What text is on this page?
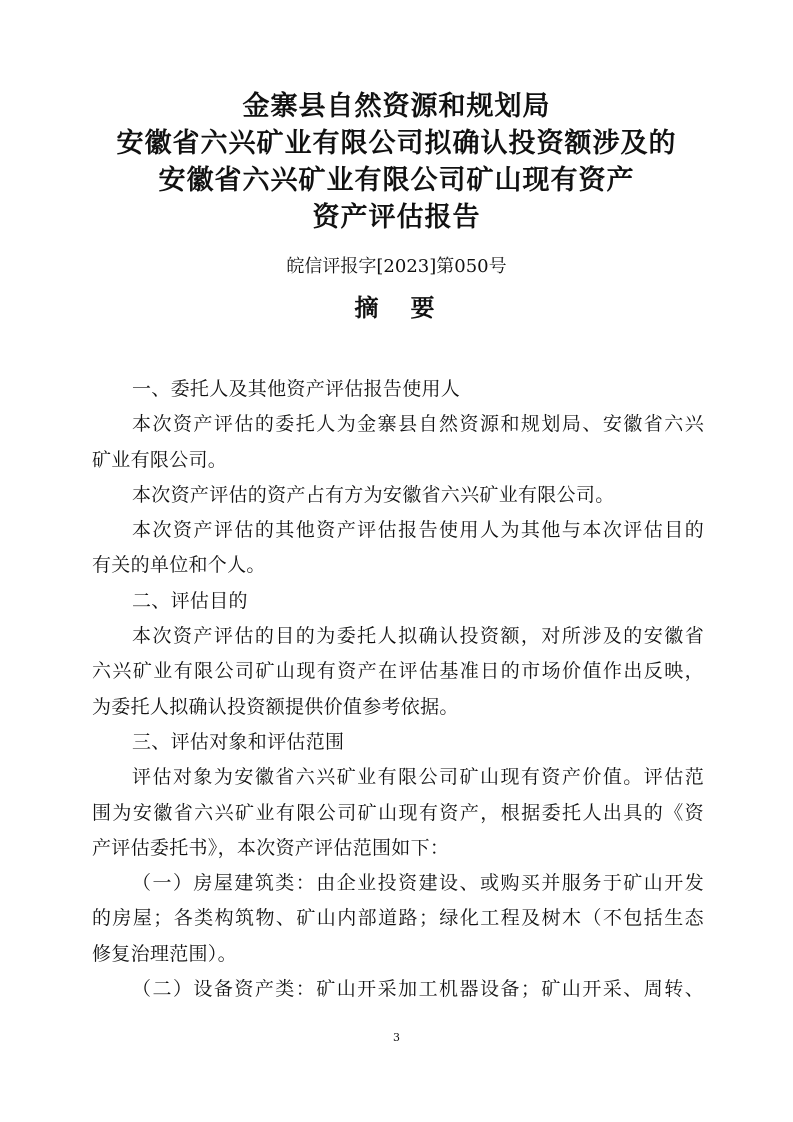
金寨县自然资源和规划局
安徽省六兴矿业有限公司拟确认投资额涉及的
安徽省六兴矿业有限公司矿山现有资产
资产评估报告
皖信评报字[2023]第050号
摘　要
一、委托人及其他资产评估报告使用人
本次资产评估的委托人为金寨县自然资源和规划局、安徽省六兴
矿业有限公司。
本次资产评估的资产占有方为安徽省六兴矿业有限公司。
本次资产评估的其他资产评估报告使用人为其他与本次评估目的
有关的单位和个人。
二、评估目的
本次资产评估的目的为委托人拟确认投资额，对所涉及的安徽省
六兴矿业有限公司矿山现有资产在评估基准日的市场价值作出反映，
为委托人拟确认投资额提供价值参考依据。
三、评估对象和评估范围
评估对象为安徽省六兴矿业有限公司矿山现有资产价值。评估范
围为安徽省六兴矿业有限公司矿山现有资产，根据委托人出具的《资
产评估委托书》，本次资产评估范围如下：
（一）房屋建筑类：由企业投资建设、或购买并服务于矿山开发
的房屋；各类构筑物、矿山内部道路；绿化工程及树木（不包括生态
修复治理范围）。
（二）设备资产类：矿山开采加工机器设备；矿山开采、周转、
3
